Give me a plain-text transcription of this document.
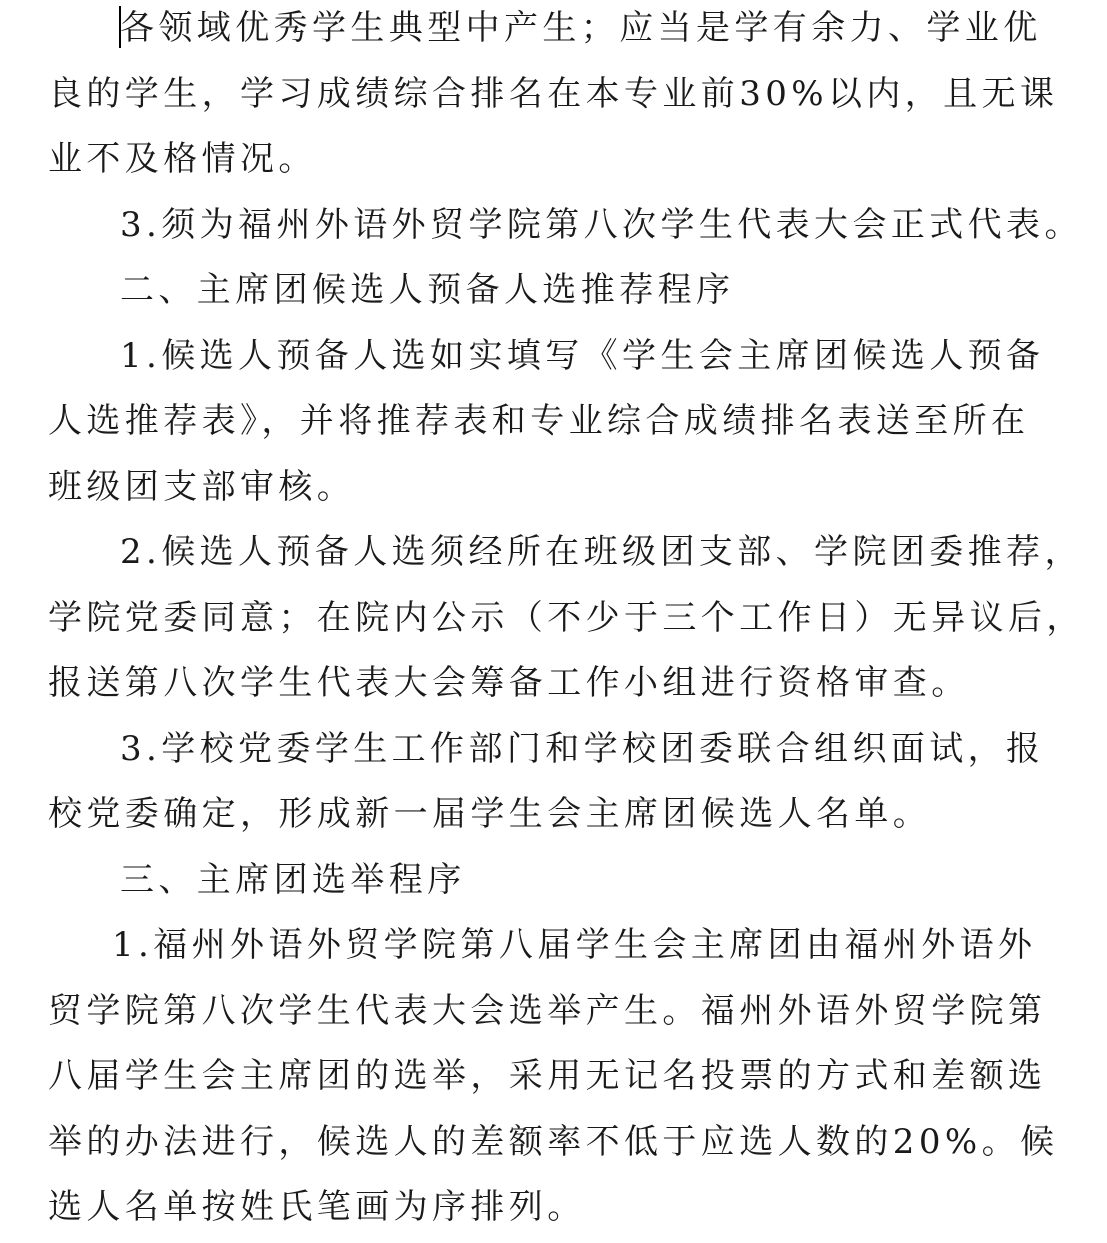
各领域优秀学生典型中产生；应当是学有余力、学业优
良的学生，学习成绩综合排名在本专业前30%以内，且无课
业不及格情况。
3.须为福州外语外贸学院第八次学生代表大会正式代表。
二、主席团候选人预备人选推荐程序
1.候选人预备人选如实填写《学生会主席团候选人预备
人选推荐表》，并将推荐表和专业综合成绩排名表送至所在
班级团支部审核。
2.候选人预备人选须经所在班级团支部、学院团委推荐，
学院党委同意；在院内公示（不少于三个工作日）无异议后，
报送第八次学生代表大会筹备工作小组进行资格审查。
3.学校党委学生工作部门和学校团委联合组织面试，报
校党委确定，形成新一届学生会主席团候选人名单。
三、主席团选举程序
1.福州外语外贸学院第八届学生会主席团由福州外语外
贸学院第八次学生代表大会选举产生。福州外语外贸学院第
八届学生会主席团的选举，采用无记名投票的方式和差额选
举的办法进行，候选人的差额率不低于应选人数的20%。候
选人名单按姓氏笔画为序排列。
